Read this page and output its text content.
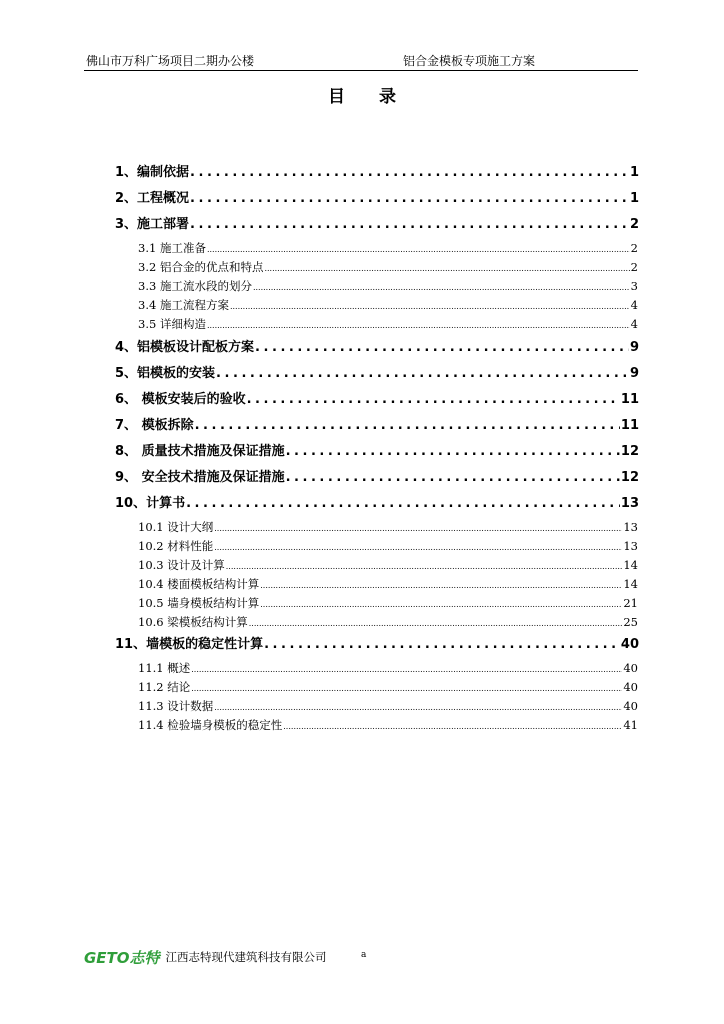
佛山市万科广场项目二期办公楼	铝合金模板专项施工方案
目 录
1、编制依据 . . .	1
2、工程概况 . . .	1
3、施工部署 . . .	2
3.1 施工准备 .....	2
3.2 铝合金的优点和特点 .....	2
3.3 施工流水段的划分 .....	3
3.4 施工流程方案 .....	4
3.5 详细构造 .....	4
4、铝模板设计配板方案 . . .	9
5、铝模板的安装 . . .	9
6、 模板安装后的验收 . . .	11
7、 模板拆除 . . .	11
8、 质量技术措施及保证措施 . . .	12
9、 安全技术措施及保证措施 . . .	12
10、计算书 . . .	13
10.1 设计大纲 .....	13
10.2 材料性能 .....	13
10.3 设计及计算 .....	14
10.4 楼面模板结构计算 .....	14
10.5 墙身模板结构计算 .....	21
10.6 梁模板结构计算 .....	25
11、墙模板的稳定性计算 . . .	40
11.1 概述 .....	40
11.2 结论 .....	40
11.3 设计数据 .....	40
11.4 检验墙身模板的稳定性 .....	41
GETO志特 江西志特现代建筑科技有限公司	a
